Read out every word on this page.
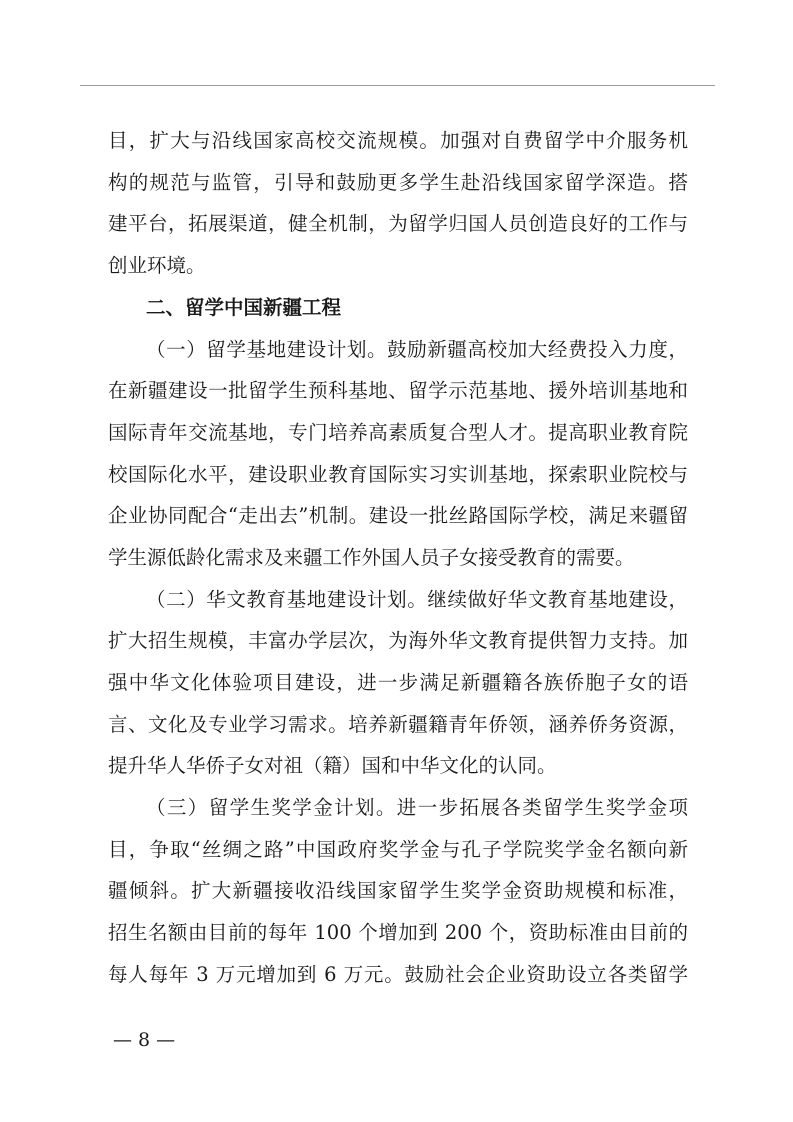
目，扩大与沿线国家高校交流规模。加强对自费留学中介服务机
构的规范与监管，引导和鼓励更多学生赴沿线国家留学深造。搭
建平台，拓展渠道，健全机制，为留学归国人员创造良好的工作与
创业环境。
二、留学中国新疆工程
（一）留学基地建设计划。鼓励新疆高校加大经费投入力度，
在新疆建设一批留学生预科基地、留学示范基地、援外培训基地和
国际青年交流基地，专门培养高素质复合型人才。提高职业教育院
校国际化水平，建设职业教育国际实习实训基地，探索职业院校与
企业协同配合“走出去”机制。建设一批丝路国际学校，满足来疆留
学生源低龄化需求及来疆工作外国人员子女接受教育的需要。
（二）华文教育基地建设计划。继续做好华文教育基地建设，
扩大招生规模，丰富办学层次，为海外华文教育提供智力支持。加
强中华文化体验项目建设，进一步满足新疆籍各族侨胞子女的语
言、文化及专业学习需求。培养新疆籍青年侨领，涵养侨务资源，
提升华人华侨子女对祖（籍）国和中华文化的认同。
（三）留学生奖学金计划。进一步拓展各类留学生奖学金项
目，争取“丝绸之路”中国政府奖学金与孔子学院奖学金名额向新
疆倾斜。扩大新疆接收沿线国家留学生奖学金资助规模和标准，
招生名额由目前的每年 100 个增加到 200 个，资助标准由目前的
每人每年 3 万元增加到 6 万元。鼓励社会企业资助设立各类留学
— 8 —
